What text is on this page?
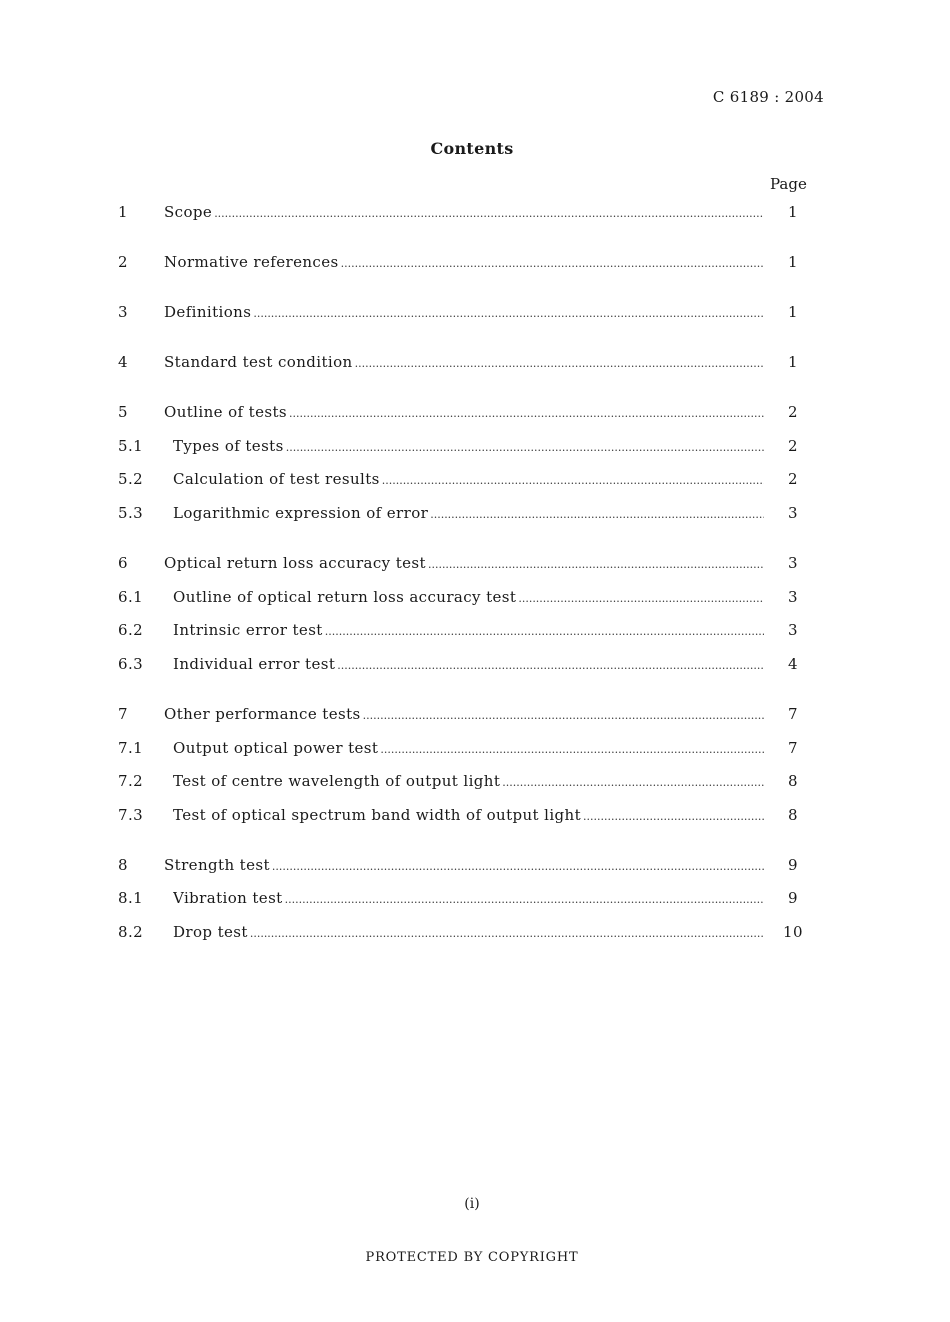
C 6189 : 2004
Contents
Page
1 Scope .....	1
2 Normative references .....	1
3 Definitions .....	1
4 Standard test condition .....	1
5 Outline of tests .....	2
5.1 Types of tests .....	2
5.2 Calculation of test results .....	2
5.3 Logarithmic expression of error .....	3
6 Optical return loss accuracy test .....	3
6.1 Outline of optical return loss accuracy test .....	3
6.2 Intrinsic error test .....	3
6.3 Individual error test .....	4
7 Other performance tests .....	7
7.1 Output optical power test .....	7
7.2 Test of centre wavelength of output light .....	8
7.3 Test of optical spectrum band width of output light .....	8
8 Strength test .....	9
8.1 Vibration test .....	9
8.2 Drop test .....	10
(i)
PROTECTED BY COPYRIGHT
